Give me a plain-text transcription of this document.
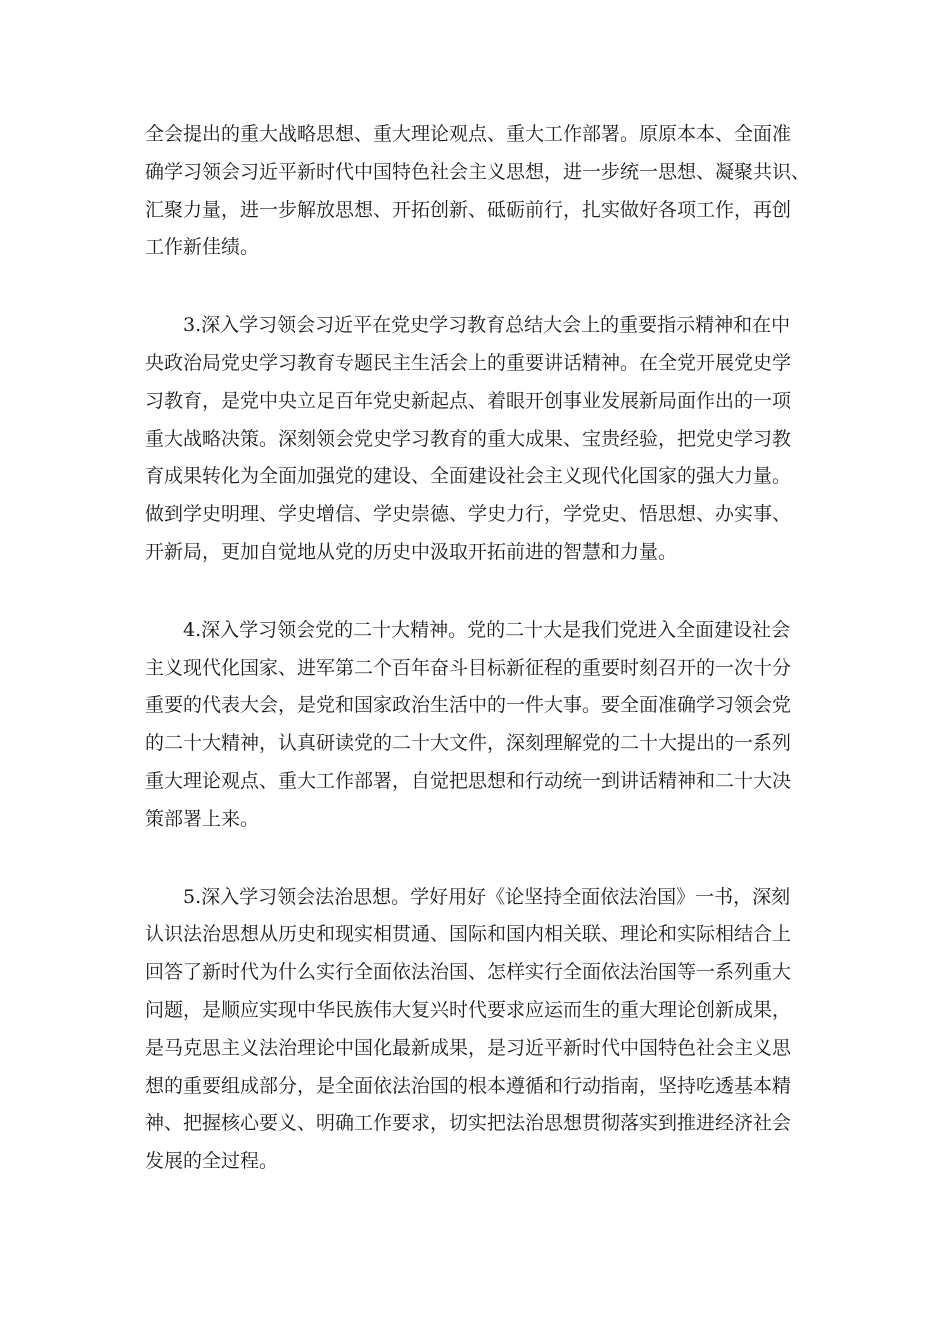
全会提出的重大战略思想、重大理论观点、重大工作部署。原原本本、全面准
确学习领会习近平新时代中国特色社会主义思想，进一步统一思想、凝聚共识、
汇聚力量，进一步解放思想、开拓创新、砥砺前行，扎实做好各项工作，再创
工作新佳绩。

3.深入学习领会习近平在党史学习教育总结大会上的重要指示精神和在中
央政治局党史学习教育专题民主生活会上的重要讲话精神。在全党开展党史学
习教育，是党中央立足百年党史新起点、着眼开创事业发展新局面作出的一项
重大战略决策。深刻领会党史学习教育的重大成果、宝贵经验，把党史学习教
育成果转化为全面加强党的建设、全面建设社会主义现代化国家的强大力量。
做到学史明理、学史增信、学史崇德、学史力行，学党史、悟思想、办实事、
开新局，更加自觉地从党的历史中汲取开拓前进的智慧和力量。

4.深入学习领会党的二十大精神。党的二十大是我们党进入全面建设社会
主义现代化国家、进军第二个百年奋斗目标新征程的重要时刻召开的一次十分
重要的代表大会，是党和国家政治生活中的一件大事。要全面准确学习领会党
的二十大精神，认真研读党的二十大文件，深刻理解党的二十大提出的一系列
重大理论观点、重大工作部署，自觉把思想和行动统一到讲话精神和二十大决
策部署上来。

5.深入学习领会法治思想。学好用好《论坚持全面依法治国》一书，深刻
认识法治思想从历史和现实相贯通、国际和国内相关联、理论和实际相结合上
回答了新时代为什么实行全面依法治国、怎样实行全面依法治国等一系列重大
问题，是顺应实现中华民族伟大复兴时代要求应运而生的重大理论创新成果，
是马克思主义法治理论中国化最新成果，是习近平新时代中国特色社会主义思
想的重要组成部分，是全面依法治国的根本遵循和行动指南，坚持吃透基本精
神、把握核心要义、明确工作要求，切实把法治思想贯彻落实到推进经济社会
发展的全过程。
